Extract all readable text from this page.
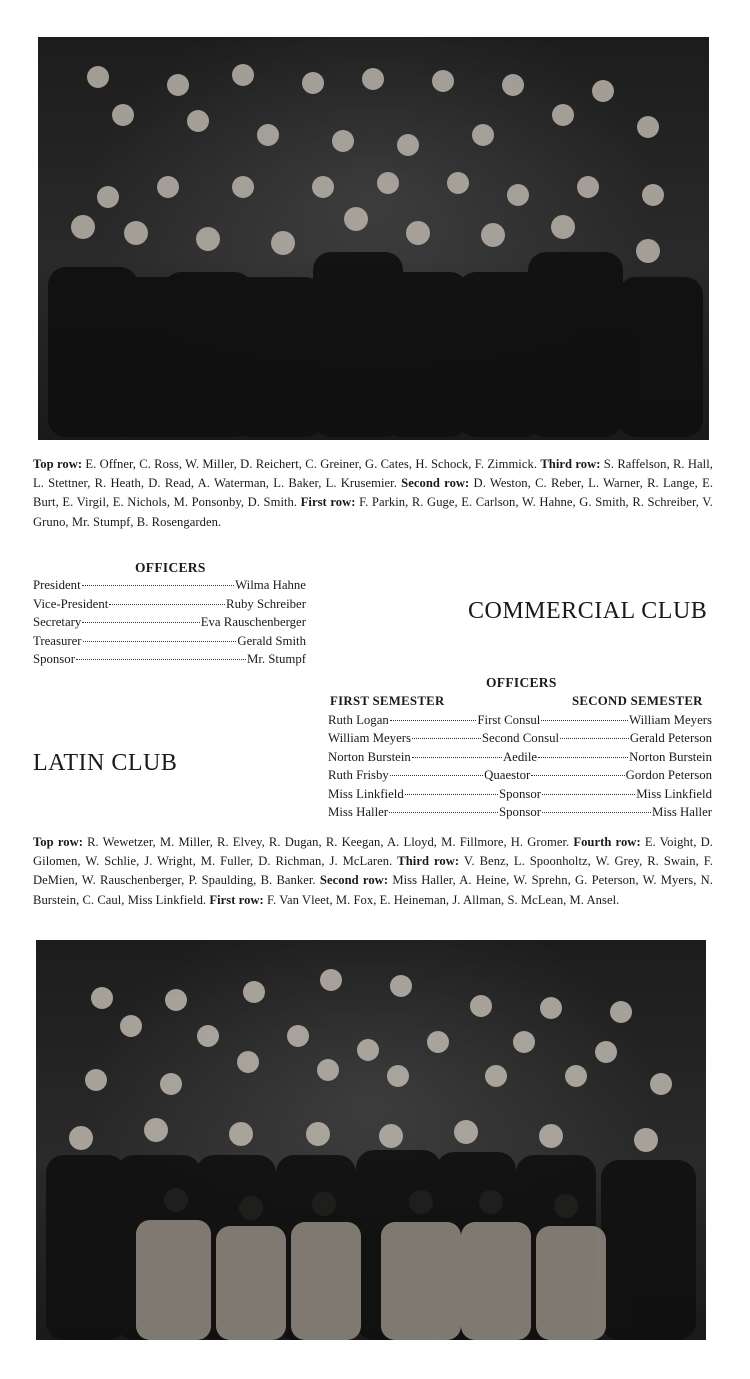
Top row: E. Offner, C. Ross, W. Miller, D. Reichert, C. Greiner, G. Cates, H. Schock, F. Zimmick. Third row: S. Raffelson, R. Hall, L. Stettner, R. Heath, D. Read, A. Waterman, L. Baker, L. Krusemier. Second row: D. Weston, C. Reber, L. Warner, R. Lange, E. Burt, E. Virgil, E. Nichols, M. Ponsonby, D. Smith. First row: F. Parkin, R. Guge, E. Carlson, W. Hahne, G. Smith, R. Schreiber, V. Gruno, Mr. Stumpf, B. Rosengarden.
OFFICERS
President	Wilma Hahne
Vice-President	Ruby Schreiber
Secretary	Eva Rauschenberger
Treasurer	Gerald Smith
Sponsor	Mr. Stumpf
COMMERCIAL CLUB
LATIN CLUB
OFFICERS
FIRST SEMESTER	SECOND SEMESTER
Ruth Logan	First Consul	William Meyers
William Meyers	Second Consul	Gerald Peterson
Norton Burstein	Aedile	Norton Burstein
Ruth Frisby	Quaestor	Gordon Peterson
Miss Linkfield	Sponsor	Miss Linkfield
Miss Haller	Sponsor	Miss Haller
Top row: R. Wewetzer, M. Miller, R. Elvey, R. Dugan, R. Keegan, A. Lloyd, M. Fillmore, H. Gromer. Fourth row: E. Voight, D. Gilomen, W. Schlie, J. Wright, M. Fuller, D. Richman, J. McLaren. Third row: V. Benz, L. Spoonholtz, W. Grey, R. Swain, F. DeMien, W. Rauschenberger, P. Spaulding, B. Banker. Second row: Miss Haller, A. Heine, W. Sprehn, G. Peterson, W. Myers, N. Burstein, C. Caul, Miss Linkfield. First row: F. Van Vleet, M. Fox, E. Heineman, J. Allman, S. McLean, M. Ansel.
